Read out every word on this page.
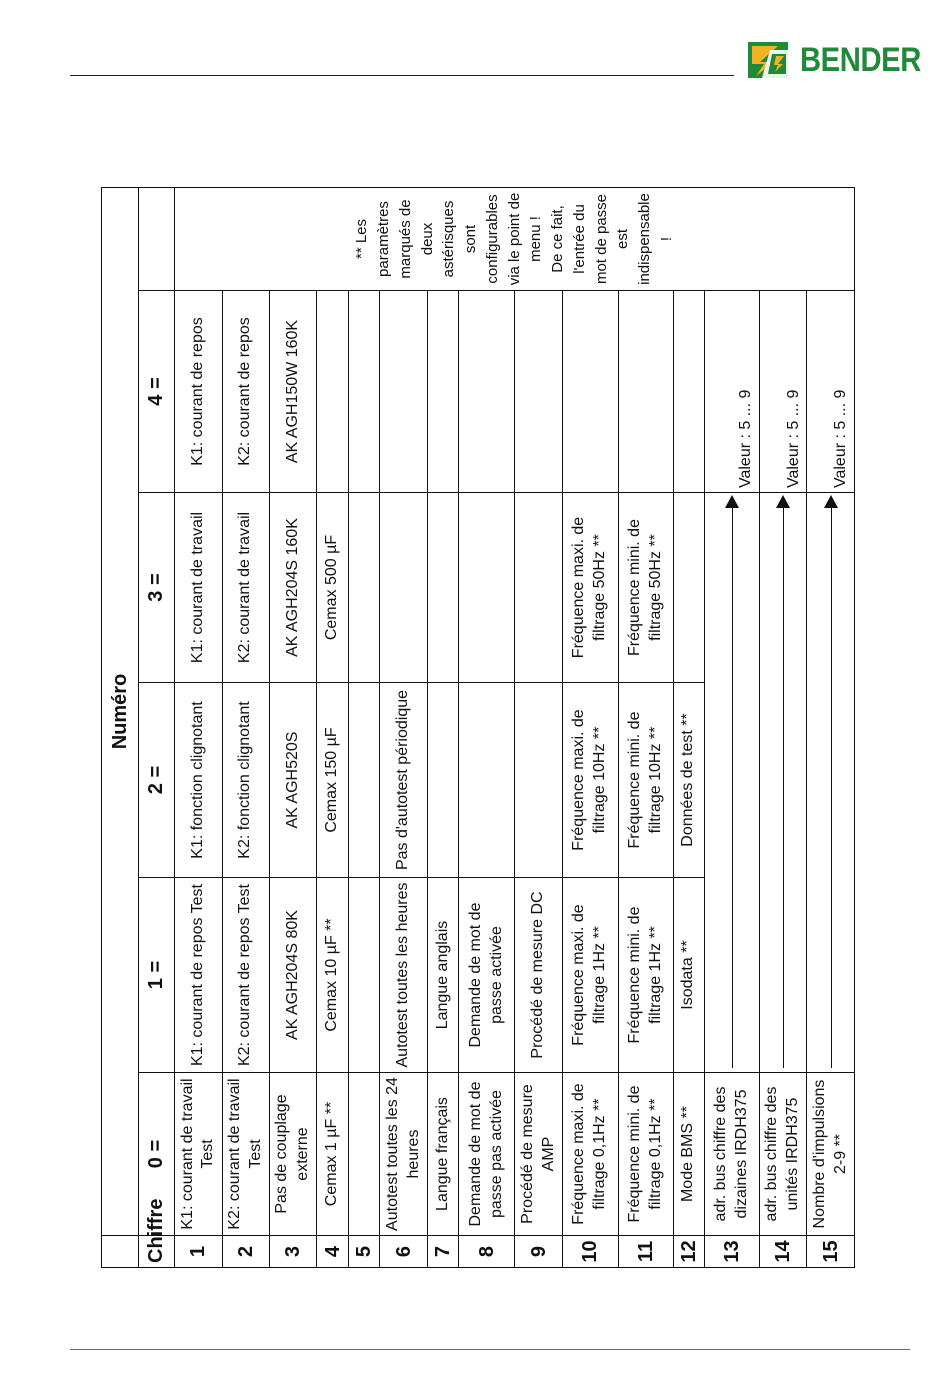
BENDER
	Numéro					
Chiffre	0 =	1 =	2 =	3 =	4 =	
1	K1: courant de travail Test	K1: courant de repos Test	K1: fonction clignotant	K1: courant de travail	K1: courant de repos	** Les paramètres marqués de deux astérisques sont configurables via le point de menu ! De ce fait, l'entrée du mot de passe est indispensable !

2	K2: courant de travail Test	K2: courant de repos Test	K2: fonction clignotant	K2: courant de travail	K2: courant de repos	
3	Pas de couplage externe	AK AGH204S 80K	AK AGH520S	AK AGH204S 160K	AK AGH150W 160K	
4	Cemax 1 µF **	Cemax 10 µF **	Cemax 150 µF	Cemax 500 µF		
5						
6	Autotest toutes les 24 heures	Autotest toutes les heures	Pas d'autotest périodique			
7	Langue français	Langue anglais				
8	Demande de mot de passe pas activée	Demande de mot de passe activée				
9	Procédé de mesure AMP	Procédé de mesure DC				
10	Fréquence maxi. de filtrage 0,1Hz **	Fréquence maxi. de filtrage 1Hz **	Fréquence maxi. de filtrage 10Hz **	Fréquence maxi. de filtrage 50Hz **		
11	Fréquence mini. de filtrage 0,1Hz **	Fréquence mini. de filtrage 1Hz **	Fréquence mini. de filtrage 10Hz **	Fréquence mini. de filtrage 50Hz **		
12	Mode BMS **	Isodata **	Données de test **			
13	adr. bus chiffre des dizaines IRDH375				Valeur : 5 ... 9	
14	adr. bus chiffre des unités IRDH375				Valeur : 5 ... 9	
15	Nombre d'impulsions 2-9 **				Valeur : 5 ... 9	
